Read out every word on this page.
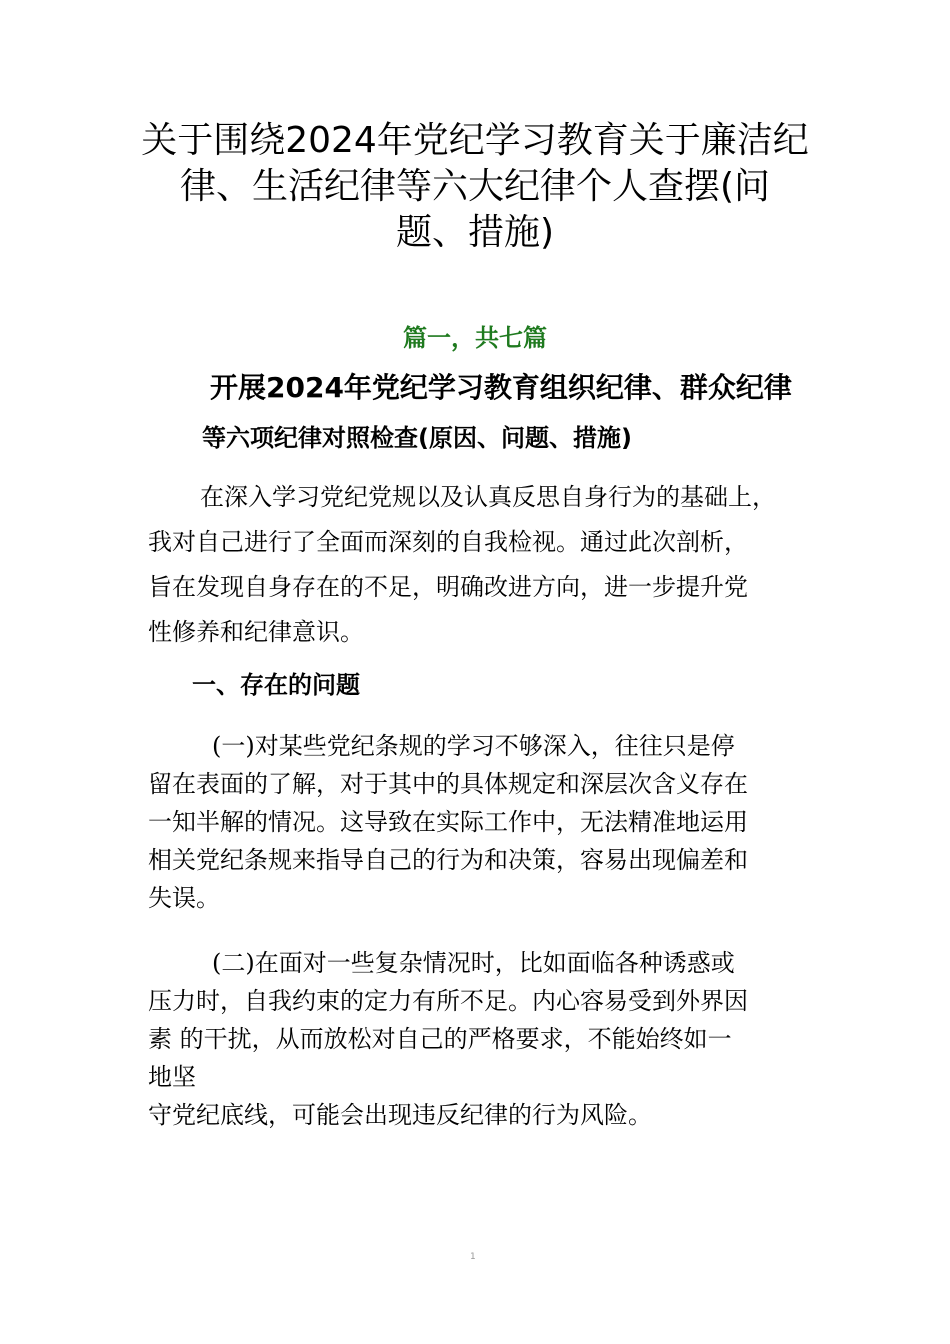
关于围绕2024年党纪学习教育关于廉洁纪
律、生活纪律等六大纪律个人查摆(问
题、措施)
篇一，共七篇
开展2024年党纪学习教育组织纪律、群众纪律
等六项纪律对照检查(原因、问题、措施)
在深入学习党纪党规以及认真反思自身行为的基础上，
我对自己进行了全面而深刻的自我检视。通过此次剖析，
旨在发现自身存在的不足，明确改进方向，进一步提升党
性修养和纪律意识。
一、存在的问题
(一)对某些党纪条规的学习不够深入，往往只是停
留在表面的了解，对于其中的具体规定和深层次含义存在
一知半解的情况。这导致在实际工作中，无法精准地运用
相关党纪条规来指导自己的行为和决策，容易出现偏差和
失误。
(二)在面对一些复杂情况时，比如面临各种诱惑或
压力时，自我约束的定力有所不足。内心容易受到外界因
素 的干扰，从而放松对自己的严格要求，不能始终如一
地坚
守党纪底线，可能会出现违反纪律的行为风险。
1
